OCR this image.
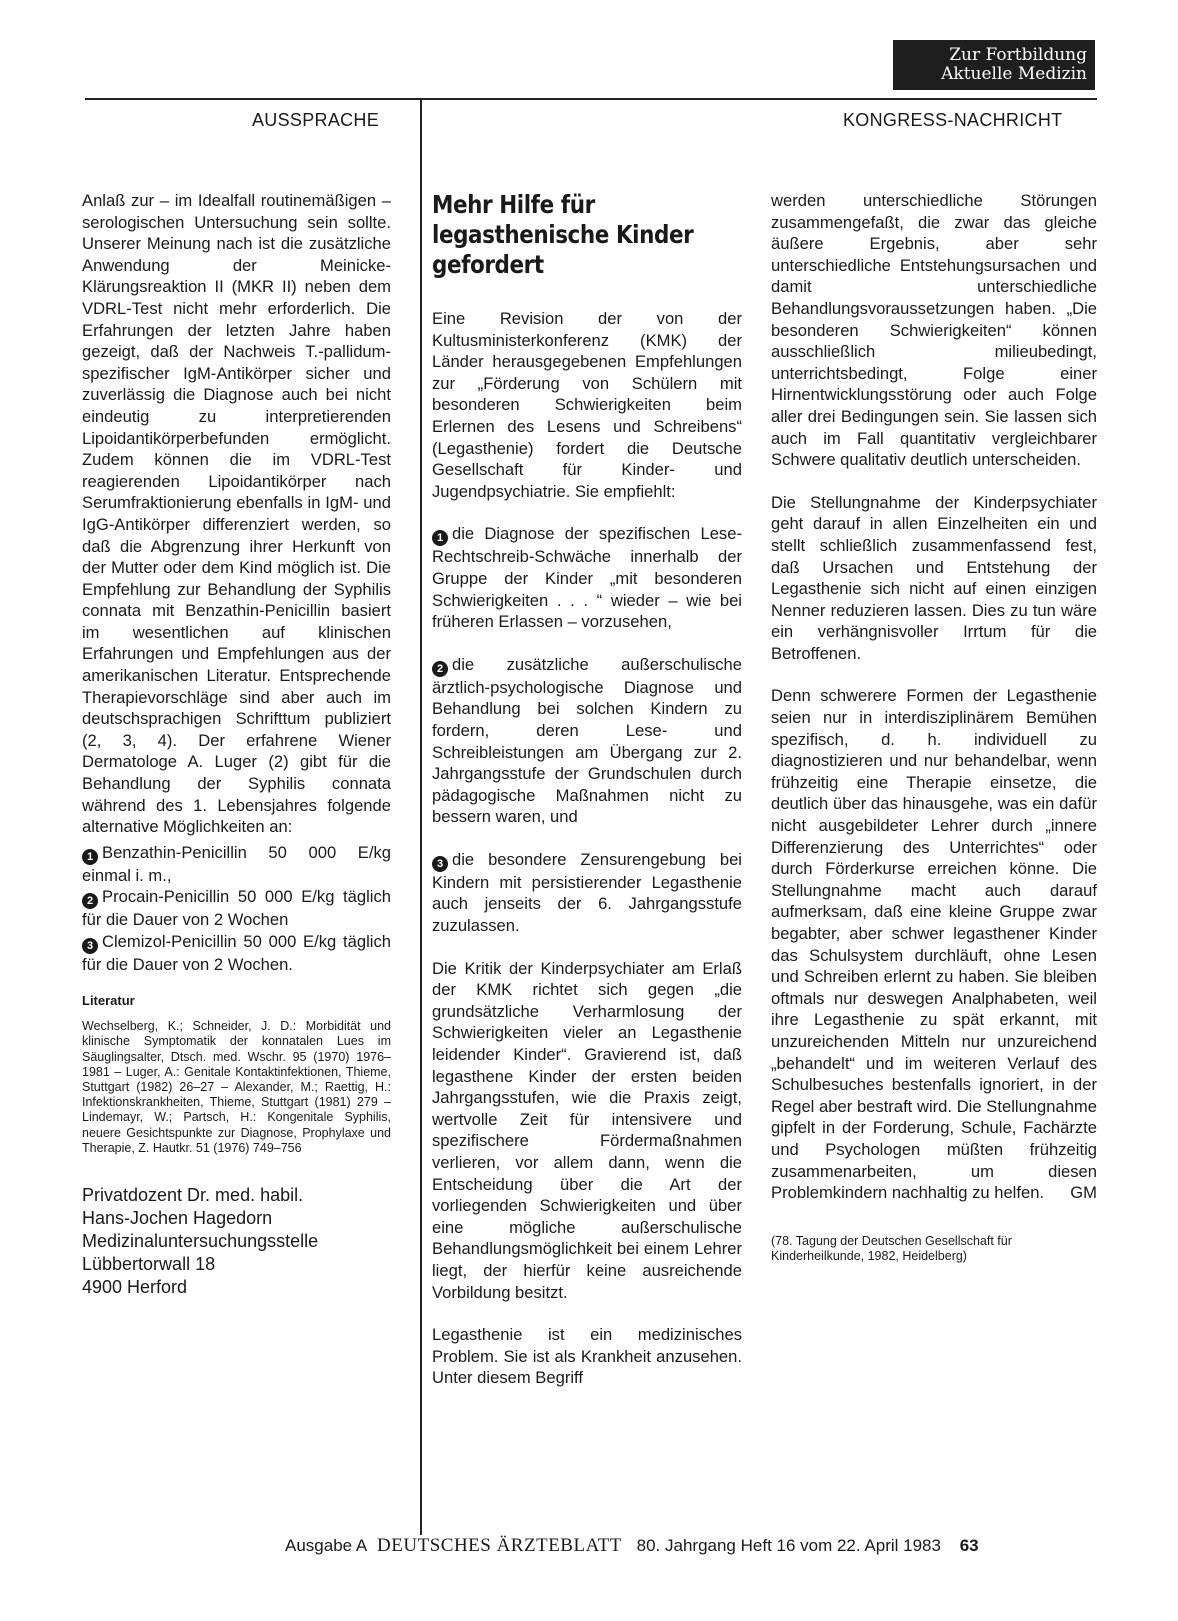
Zur Fortbildung
Aktuelle Medizin
AUSSPRACHE	KONGRESS-NACHRICHT

Anlaß zur – im Idealfall routinemäßigen – serologischen Untersuchung sein sollte. Unserer Meinung nach ist die zusätzliche Anwendung der Meinicke-Klärungsreaktion II (MKR II) neben dem VDRL-Test nicht mehr erforderlich. Die Erfahrungen der letzten Jahre haben gezeigt, daß der Nachweis T.-pallidum-spezifischer IgM-Antikörper sicher und zuverlässig die Diagnose auch bei nicht eindeutig zu interpretierenden Lipoidantikörperbefunden ermöglicht. Zudem können die im VDRL-Test reagierenden Lipoidantikörper nach Serumfraktionierung ebenfalls in IgM- und IgG-Antikörper differenziert werden, so daß die Abgrenzung ihrer Herkunft von der Mutter oder dem Kind möglich ist. Die Empfehlung zur Behandlung der Syphilis connata mit Benzathin-Penicillin basiert im wesentlichen auf klinischen Erfahrungen und Empfehlungen aus der amerikanischen Literatur. Entsprechende Therapievorschläge sind aber auch im deutschsprachigen Schrifttum publiziert (2, 3, 4). Der erfahrene Wiener Dermatologe A. Luger (2) gibt für die Behandlung der Syphilis connata während des 1. Lebensjahres folgende alternative Möglichkeiten an:

1 Benzathin-Penicillin 50 000 E/kg einmal i. m.,

2 Procain-Penicillin 50 000 E/kg täglich für die Dauer von 2 Wochen

3 Clemizol-Penicillin 50 000 E/kg täglich für die Dauer von 2 Wochen.

Literatur
Wechselberg, K.; Schneider, J. D.: Morbidität und klinische Symptomatik der konnatalen Lues im Säuglingsalter, Dtsch. med. Wschr. 95 (1970) 1976–1981 – Luger, A.: Genitale Kontaktinfektionen, Thieme, Stuttgart (1982) 26–27 – Alexander, M.; Raettig, H.: Infektionskrankheiten, Thieme, Stuttgart (1981) 279 – Lindemayr, W.; Partsch, H.: Kongenitale Syphilis, neuere Gesichtspunkte zur Diagnose, Prophylaxe und Therapie, Z. Hautkr. 51 (1976) 749–756
Privatdozent Dr. med. habil.
Hans-Jochen Hagedorn
Medizinaluntersuchungsstelle
Lübbertorwall 18
4900 Herford
Mehr Hilfe für legasthenische Kinder gefordert

Eine Revision der von der Kultusministerkonferenz (KMK) der Länder herausgegebenen Empfehlungen zur „Förderung von Schülern mit besonderen Schwierigkeiten beim Erlernen des Lesens und Schreibens“ (Legasthenie) fordert die Deutsche Gesellschaft für Kinder- und Jugendpsychiatrie. Sie empfiehlt:

1 die Diagnose der spezifischen Lese-Rechtschreib-Schwäche innerhalb der Gruppe der Kinder „mit besonderen Schwierigkeiten . . . “ wieder – wie bei früheren Erlassen – vorzusehen,

2 die zusätzliche außerschulische ärztlich-psychologische Diagnose und Behandlung bei solchen Kindern zu fordern, deren Lese- und Schreibleistungen am Übergang zur 2. Jahrgangsstufe der Grundschulen durch pädagogische Maßnahmen nicht zu bessern waren, und

3 die besondere Zensurengebung bei Kindern mit persistierender Legasthenie auch jenseits der 6. Jahrgangsstufe zuzulassen.

Die Kritik der Kinderpsychiater am Erlaß der KMK richtet sich gegen „die grundsätzliche Verharmlosung der Schwierigkeiten vieler an Legasthenie leidender Kinder“. Gravierend ist, daß legasthene Kinder der ersten beiden Jahrgangsstufen, wie die Praxis zeigt, wertvolle Zeit für intensivere und spezifischere Fördermaßnahmen verlieren, vor allem dann, wenn die Entscheidung über die Art der vorliegenden Schwierigkeiten und über eine mögliche außerschulische Behandlungsmöglichkeit bei einem Lehrer liegt, der hierfür keine ausreichende Vorbildung besitzt.

Legasthenie ist ein medizinisches Problem. Sie ist als Krankheit anzusehen. Unter diesem Begriff

werden unterschiedliche Störungen zusammengefaßt, die zwar das gleiche äußere Ergebnis, aber sehr unterschiedliche Entstehungsursachen und damit unterschiedliche Behandlungsvoraussetzungen haben. „Die besonderen Schwierigkeiten“ können ausschließlich milieubedingt, unterrichtsbedingt, Folge einer Hirnentwicklungsstörung oder auch Folge aller drei Bedingungen sein. Sie lassen sich auch im Fall quantitativ vergleichbarer Schwere qualitativ deutlich unterscheiden.

Die Stellungnahme der Kinderpsychiater geht darauf in allen Einzelheiten ein und stellt schließlich zusammenfassend fest, daß Ursachen und Entstehung der Legasthenie sich nicht auf einen einzigen Nenner reduzieren lassen. Dies zu tun wäre ein verhängnisvoller Irrtum für die Betroffenen.

Denn schwerere Formen der Legasthenie seien nur in interdisziplinärem Bemühen spezifisch, d. h. individuell zu diagnostizieren und nur behandelbar, wenn frühzeitig eine Therapie einsetze, die deutlich über das hinausgehe, was ein dafür nicht ausgebildeter Lehrer durch „innere Differenzierung des Unterrichtes“ oder durch Förderkurse erreichen könne. Die Stellungnahme macht auch darauf aufmerksam, daß eine kleine Gruppe zwar begabter, aber schwer legasthener Kinder das Schulsystem durchläuft, ohne Lesen und Schreiben erlernt zu haben. Sie bleiben oftmals nur deswegen Analphabeten, weil ihre Legasthenie zu spät erkannt, mit unzureichenden Mitteln nur unzureichend „behandelt“ und im weiteren Verlauf des Schulbesuches bestenfalls ignoriert, in der Regel aber bestraft wird. Die Stellungnahme gipfelt in der Forderung, Schule, Fachärzte und Psychologen müßten frühzeitig zusammenarbeiten, um diesen Problemkindern nachhaltig zu helfen. GM

(78. Tagung der Deutschen Gesellschaft für Kinderheilkunde, 1982, Heidelberg)

Ausgabe A DEUTSCHES ÄRZTEBLATT 80. Jahrgang Heft 16 vom 22. April 1983 63
